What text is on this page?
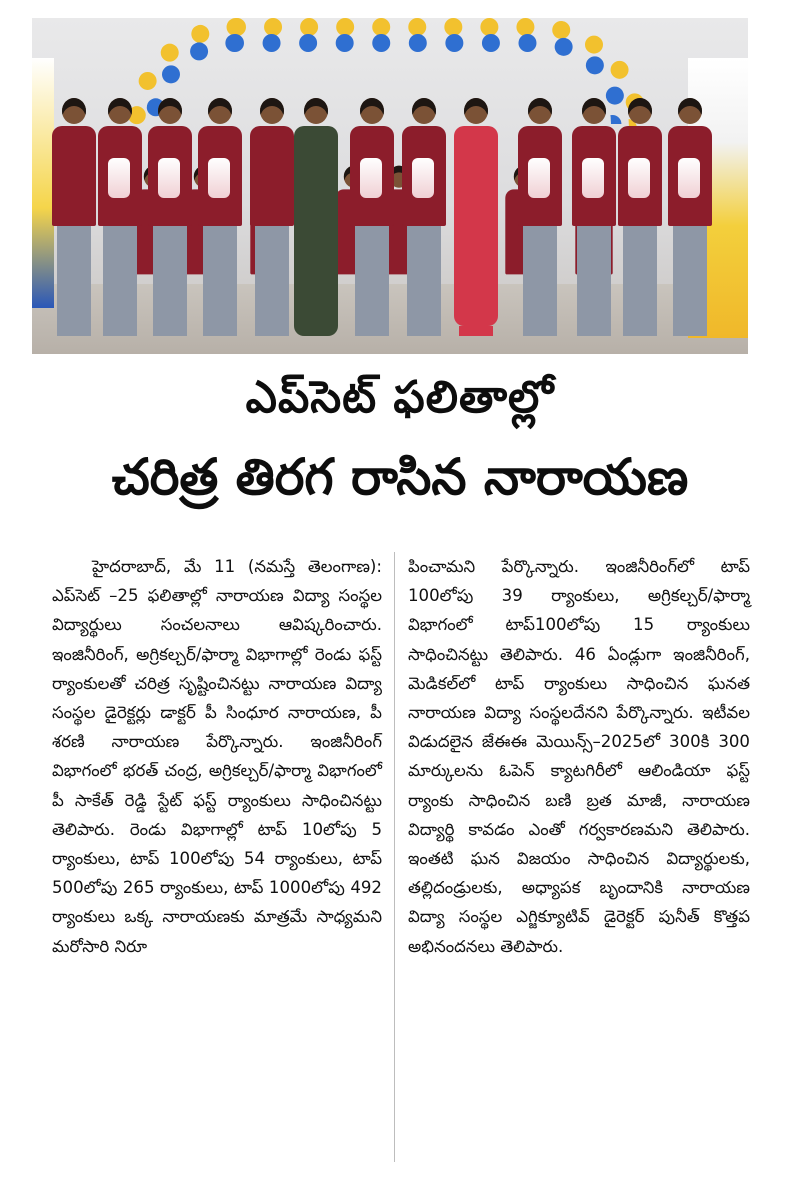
ఎప్‌సెట్ ఫలితాల్లో
చరిత్ర తిరగ రాసిన నారాయణ

హైదరాబాద్, మే 11 (నమస్తే తెలంగాణ): ఎప్‌సెట్ –25 ఫలితాల్లో నారాయణ విద్యా సంస్థల విద్యార్థులు సంచలనాలు ఆవిష్కరించారు. ఇంజినీరింగ్, అగ్రికల్చర్/ఫార్మా విభాగాల్లో రెండు ఫస్ట్ ర్యాంకులతో చరిత్ర సృష్టించినట్టు నారాయణ విద్యా సంస్థల డైరెక్టర్లు డాక్టర్ పీ సింధూర నారాయణ, పీ శరణి నారాయణ పేర్కొన్నారు. ఇంజినీరింగ్ విభాగంలో భరత్ చంద్ర, అగ్రికల్చర్/ఫార్మా విభాగంలో పీ సాకేత్ రెడ్డి స్టేట్ ఫస్ట్ ర్యాంకులు సాధించినట్టు తెలిపారు. రెండు విభాగాల్లో టాప్ 10లోపు 5 ర్యాంకులు, టాప్ 100లోపు 54 ర్యాంకులు, టాప్ 500లోపు 265 ర్యాంకులు, టాప్ 1000లోపు 492 ర్యాంకులు ఒక్క నారాయణకు మాత్రమే సాధ్యమని మరోసారి నిరూ

పించామని పేర్కొన్నారు. ఇంజినీరింగ్‌లో టాప్ 100లోపు 39 ర్యాంకులు, అగ్రికల్చర్/ఫార్మా విభాగంలో టాప్100లోపు 15 ర్యాంకులు సాధించినట్టు తెలిపారు. 46 ఏండ్లుగా ఇంజినీరింగ్, మెడికల్‌లో టాప్ ర్యాంకులు సాధించిన ఘనత నారాయణ విద్యా సంస్థలదేనని పేర్కొన్నారు. ఇటీవల విడుదలైన జేఈఈ మెయిన్స్–2025లో 300కి 300 మార్కులను ఓపెన్ క్యాటగిరీలో ఆలిండియా ఫస్ట్ ర్యాంకు సాధించిన బణి బ్రత మాజీ, నారాయణ విద్యార్థి కావడం ఎంతో గర్వకారణమని తెలిపారు. ఇంతటి ఘన విజయం సాధించిన విద్యార్థులకు, తల్లిదండ్రులకు, అధ్యాపక బృందానికి నారాయణ విద్యా సంస్థల ఎగ్జిక్యూటివ్ డైరెక్టర్ పునీత్ కొత్తప అభినందనలు తెలిపారు.
